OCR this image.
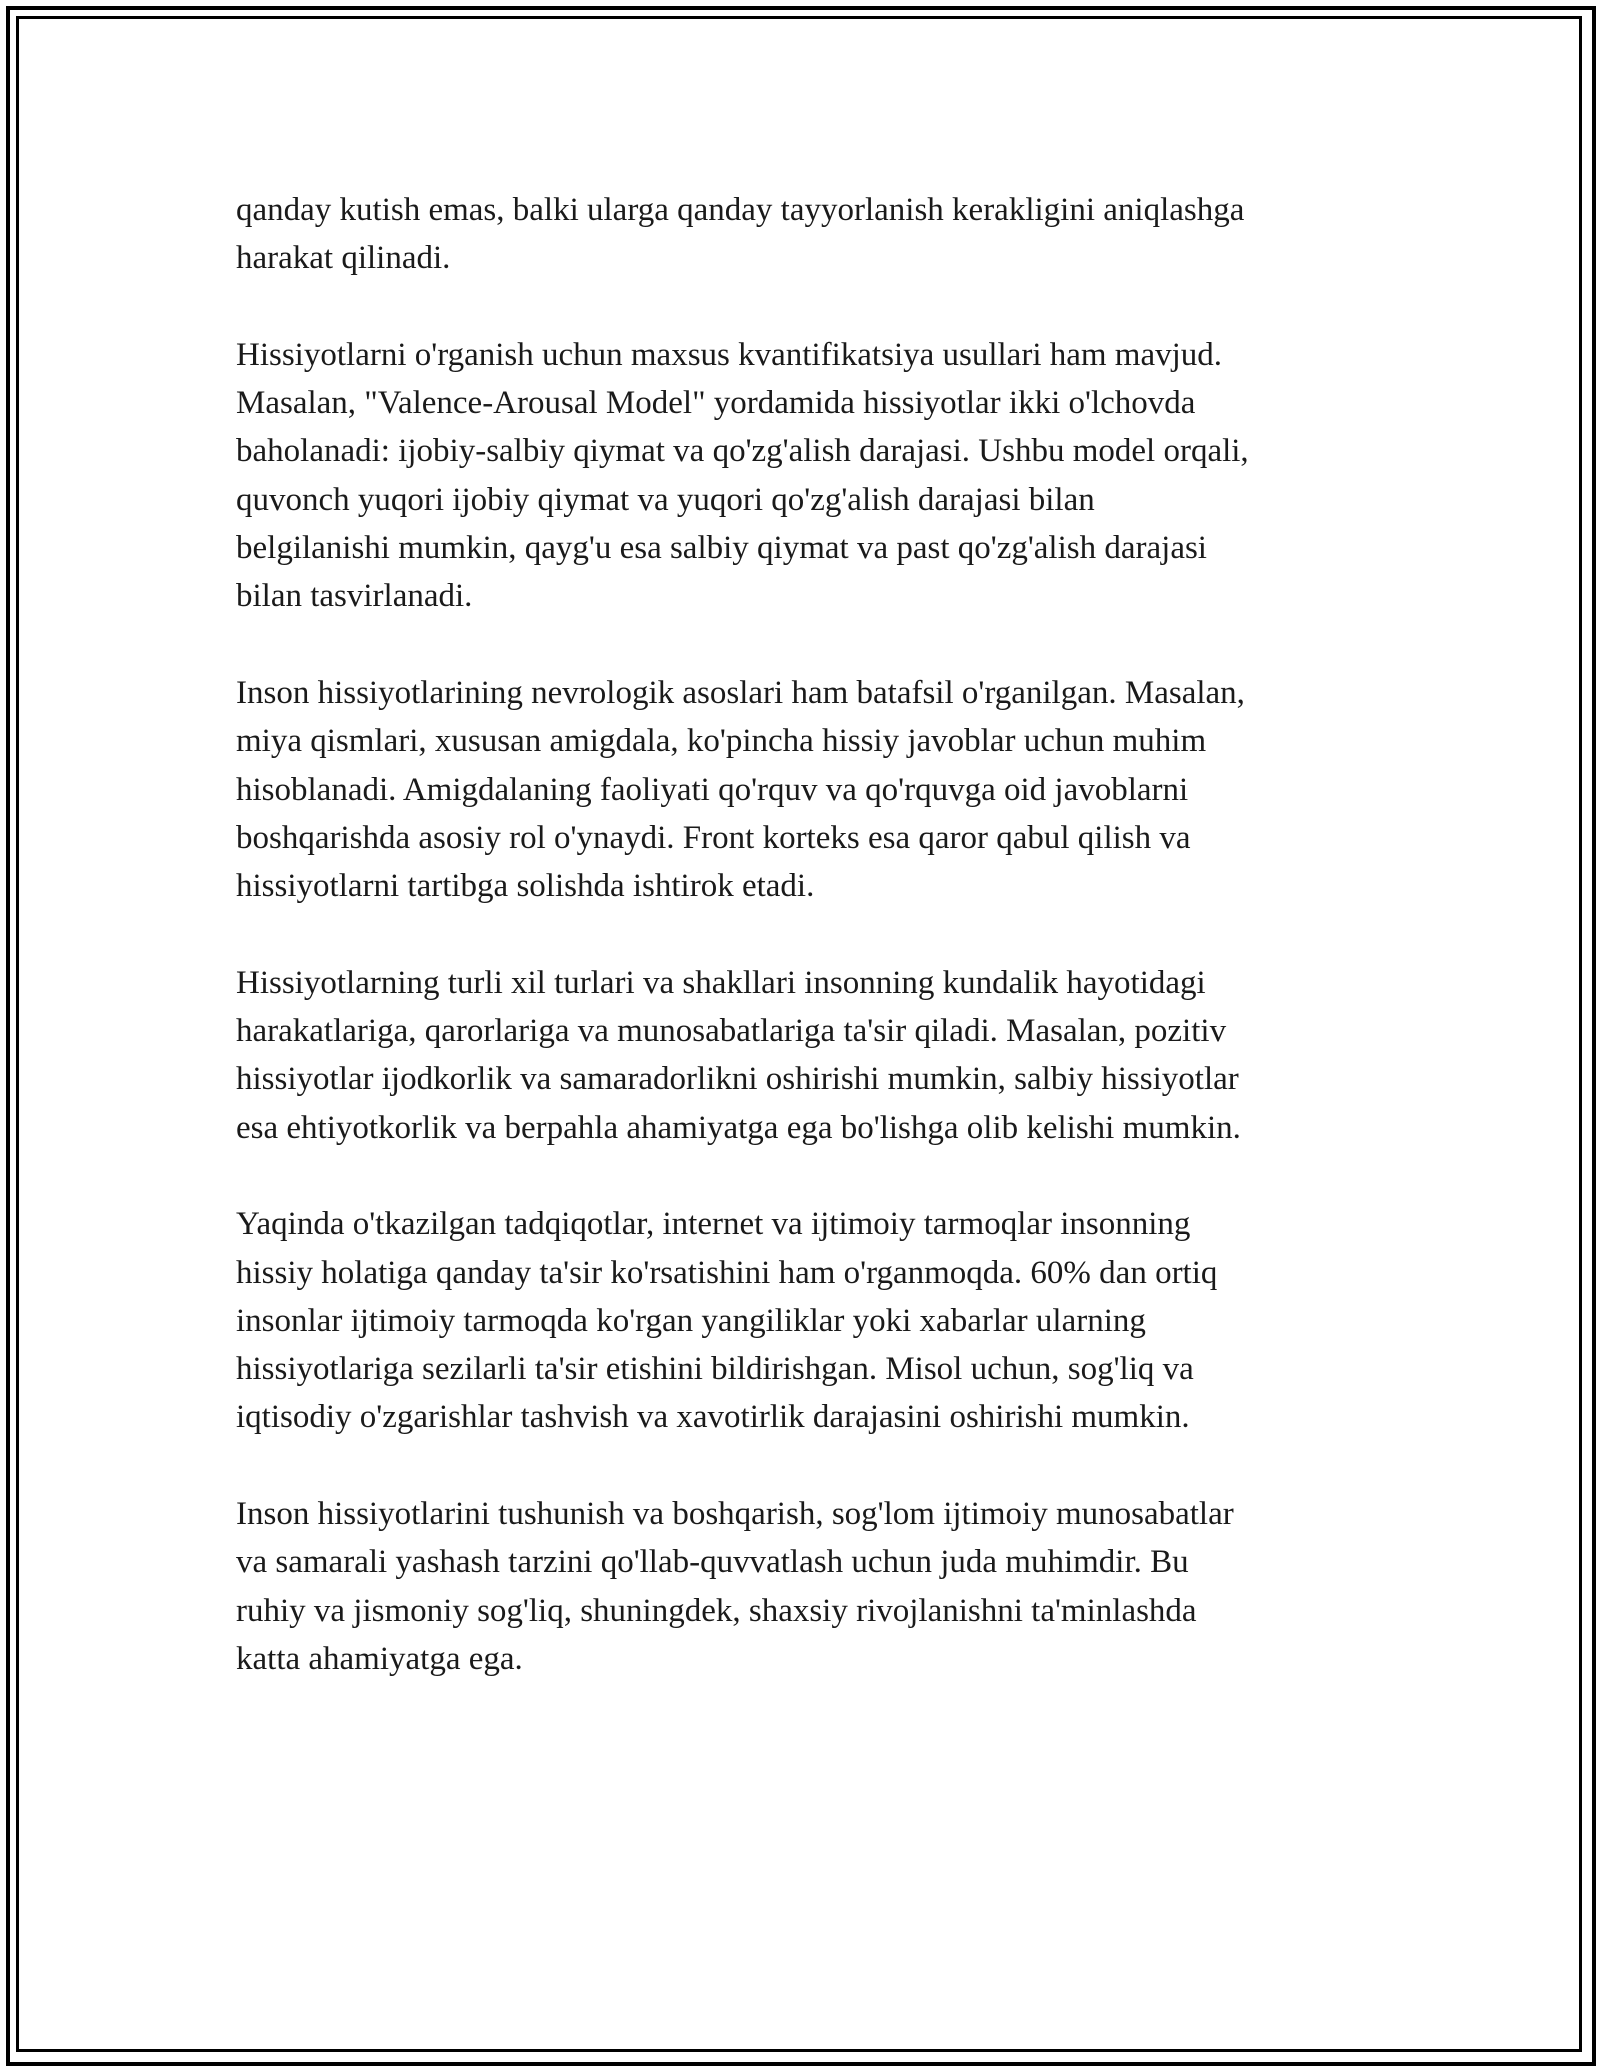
qanday kutish emas, balki ularga qanday tayyorlanish kerakligini aniqlashga
harakat qilinadi.

Hissiyotlarni o'rganish uchun maxsus kvantifikatsiya usullari ham mavjud.
Masalan, "Valence-Arousal Model" yordamida hissiyotlar ikki o'lchovda
baholanadi: ijobiy-salbiy qiymat va qo'zg'alish darajasi. Ushbu model orqali,
quvonch yuqori ijobiy qiymat va yuqori qo'zg'alish darajasi bilan
belgilanishi mumkin, qayg'u esa salbiy qiymat va past qo'zg'alish darajasi
bilan tasvirlanadi.

Inson hissiyotlarining nevrologik asoslari ham batafsil o'rganilgan. Masalan,
miya qismlari, xususan amigdala, ko'pincha hissiy javoblar uchun muhim
hisoblanadi. Amigdalaning faoliyati qo'rquv va qo'rquvga oid javoblarni
boshqarishda asosiy rol o'ynaydi. Front korteks esa qaror qabul qilish va
hissiyotlarni tartibga solishda ishtirok etadi.

Hissiyotlarning turli xil turlari va shakllari insonning kundalik hayotidagi
harakatlariga, qarorlariga va munosabatlariga ta'sir qiladi. Masalan, pozitiv
hissiyotlar ijodkorlik va samaradorlikni oshirishi mumkin, salbiy hissiyotlar
esa ehtiyotkorlik va berpahla ahamiyatga ega bo'lishga olib kelishi mumkin.

Yaqinda o'tkazilgan tadqiqotlar, internet va ijtimoiy tarmoqlar insonning
hissiy holatiga qanday ta'sir ko'rsatishini ham o'rganmoqda. 60% dan ortiq
insonlar ijtimoiy tarmoqda ko'rgan yangiliklar yoki xabarlar ularning
hissiyotlariga sezilarli ta'sir etishini bildirishgan. Misol uchun, sog'liq va
iqtisodiy o'zgarishlar tashvish va xavotirlik darajasini oshirishi mumkin.

Inson hissiyotlarini tushunish va boshqarish, sog'lom ijtimoiy munosabatlar
va samarali yashash tarzini qo'llab-quvvatlash uchun juda muhimdir. Bu
ruhiy va jismoniy sog'liq, shuningdek, shaxsiy rivojlanishni ta'minlashda
katta ahamiyatga ega.
